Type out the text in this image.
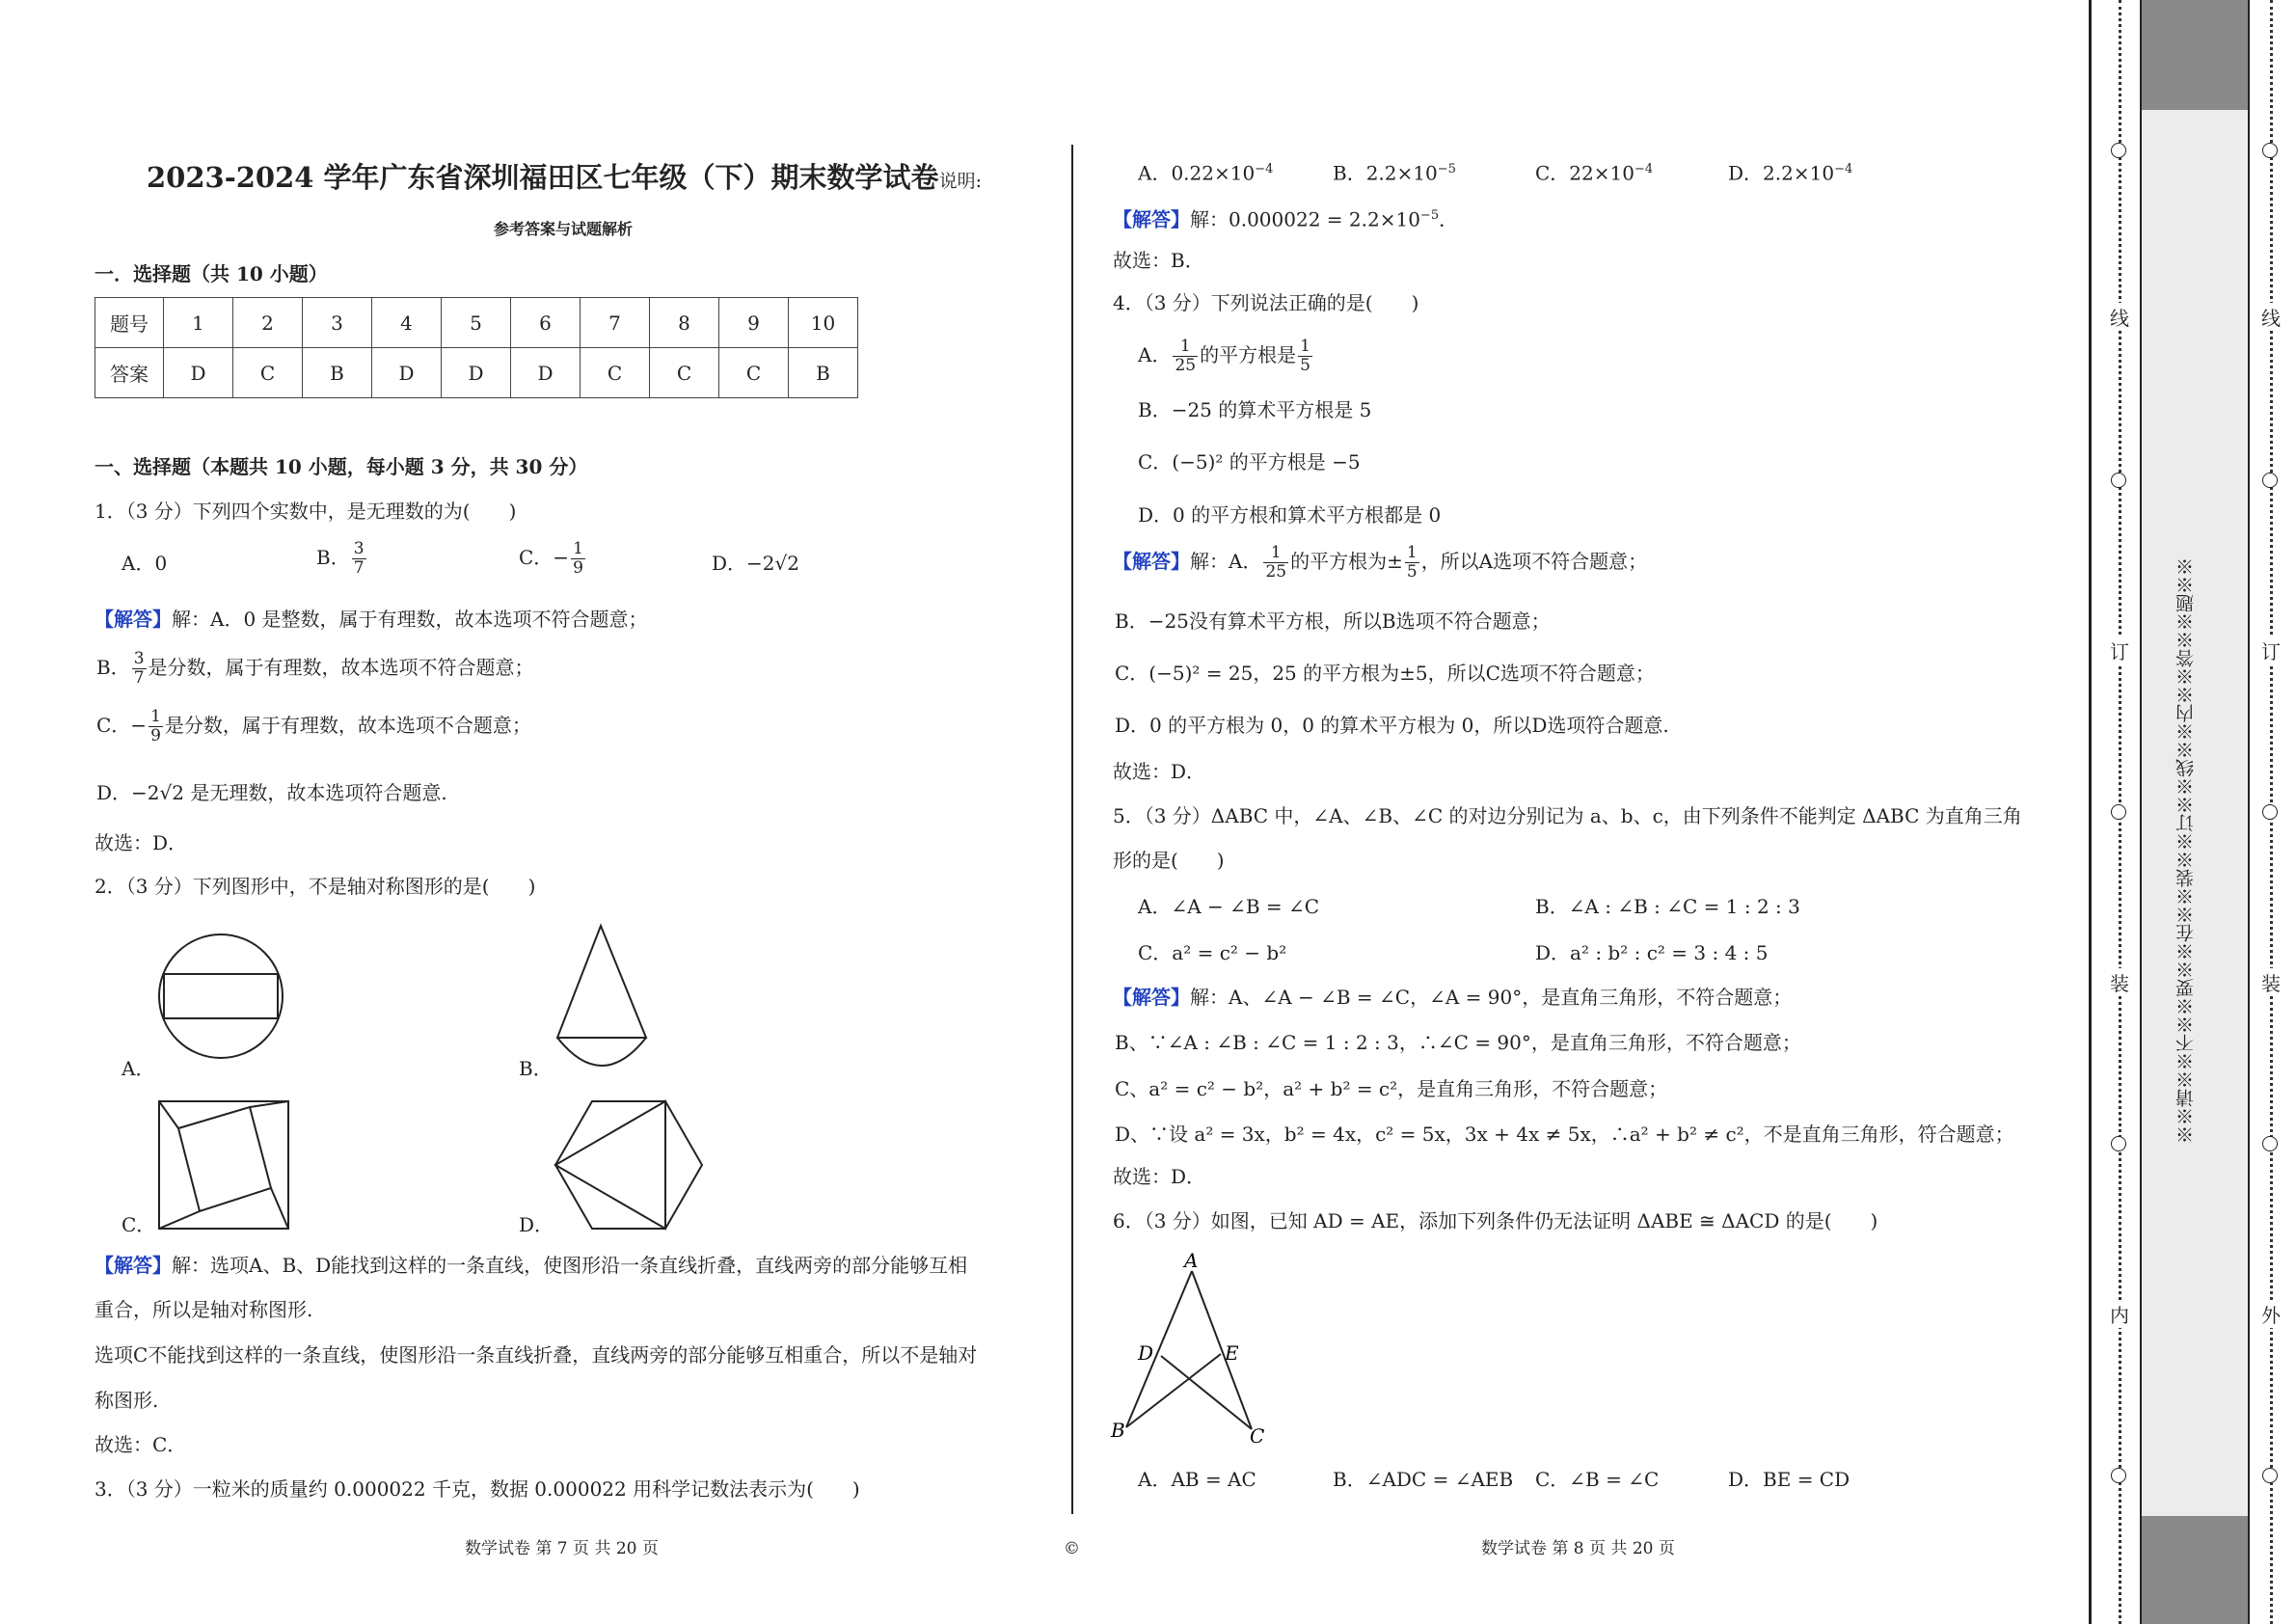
2023-2024 学年广东省深圳福田区七年级（下）期末数学试卷说明:
参考答案与试题解析
一．选择题（共 10 小题）
题号	1	2	3	4	5	6	7	8	9	10
答案	D	C	B	D	D	D	C	C	C	B
一、选择题（本题共 10 小题，每小题 3 分，共 30 分）
1．（3 分）下列四个实数中，是无理数的为(　　)
A．0	B． $\frac{3}{7}$	C．− $\frac{1}{9}$	D．−2√2
【解答】解：A．0 是整数，属于有理数，故本选项不符合题意；
B． $\frac{3}{7}$ 是分数，属于有理数，故本选项不符合题意；
C．− $\frac{1}{9}$ 是分数，属于有理数，故本选项不合题意；
D．−2√2 是无理数，故本选项符合题意.
故选：D．
2．（3 分）下列图形中，不是轴对称图形的是(　　)
A．	B．
C．	D．
【解答】解：选项A、B、D能找到这样的一条直线，使图形沿一条直线折叠，直线两旁的部分能够互相
重合，所以是轴对称图形.
选项C不能找到这样的一条直线，使图形沿一条直线折叠，直线两旁的部分能够互相重合，所以不是轴对
称图形.
故选：C．
3．（3 分）一粒米的质量约 0.000022 千克，数据 0.000022 用科学记数法表示为(　　)
A．$0.22\times 10^{-4}$	B．$2.2\times 10^{-5}$	C．$22\times 10^{-4}$	D．$2.2\times 10^{-4}$
【解答】解：$0.000022 = 2.2\times 10^{-5}$．
故选：B．
4．（3 分）下列说法正确的是(　　)
A． $\frac{1}{25}$ 的平方根是 $\frac{1}{5}$
B．−25 的算术平方根是 5
C．(−5)² 的平方根是 −5
D．0 的平方根和算术平方根都是 0
【解答】解：A． $\frac{1}{25}$ 的平方根为± $\frac{1}{5}$ ，所以A选项不符合题意；
B．−25没有算术平方根，所以B选项不符合题意；
C．(−5)² = 25，25 的平方根为±5，所以C选项不符合题意；
D．0 的平方根为 0，0 的算术平方根为 0，所以D选项符合题意.
故选：D．
5．（3 分）ΔABC 中，∠A、∠B、∠C 的对边分别记为 a、b、c，由下列条件不能判定 ΔABC 为直角三角
形的是(　　)
A．∠A − ∠B = ∠C	B．∠A : ∠B : ∠C = 1 : 2 : 3
C．a² = c² − b²	D．a² : b² : c² = 3 : 4 : 5
【解答】解：A、∠A − ∠B = ∠C，∠A = 90°，是直角三角形，不符合题意；
B、∵∠A : ∠B : ∠C = 1 : 2 : 3，∴∠C = 90°，是直角三角形，不符合题意；
C、a² = c² − b²，a² + b² = c²，是直角三角形，不符合题意；
D、∵设 a² = 3x，b² = 4x，c² = 5x，3x + 4x ≠ 5x，∴a² + b² ≠ c²，不是直角三角形，符合题意；
故选：D．
6．（3 分）如图，已知 AD = AE，添加下列条件仍无法证明 ΔABE ≅ ΔACD 的是(　　)
A
D	E
B	C
A．AB = AC	B．∠ADC = ∠AEB C．∠B = ∠C	D．BE = CD
数学试卷 第 7 页 共 20 页	©	数学试卷 第 8 页 共 20 页
线
订
装
内
※※请※※不※※要※※在※※装※※订※※线※※内※※答※※题※※
线
订
装
外
